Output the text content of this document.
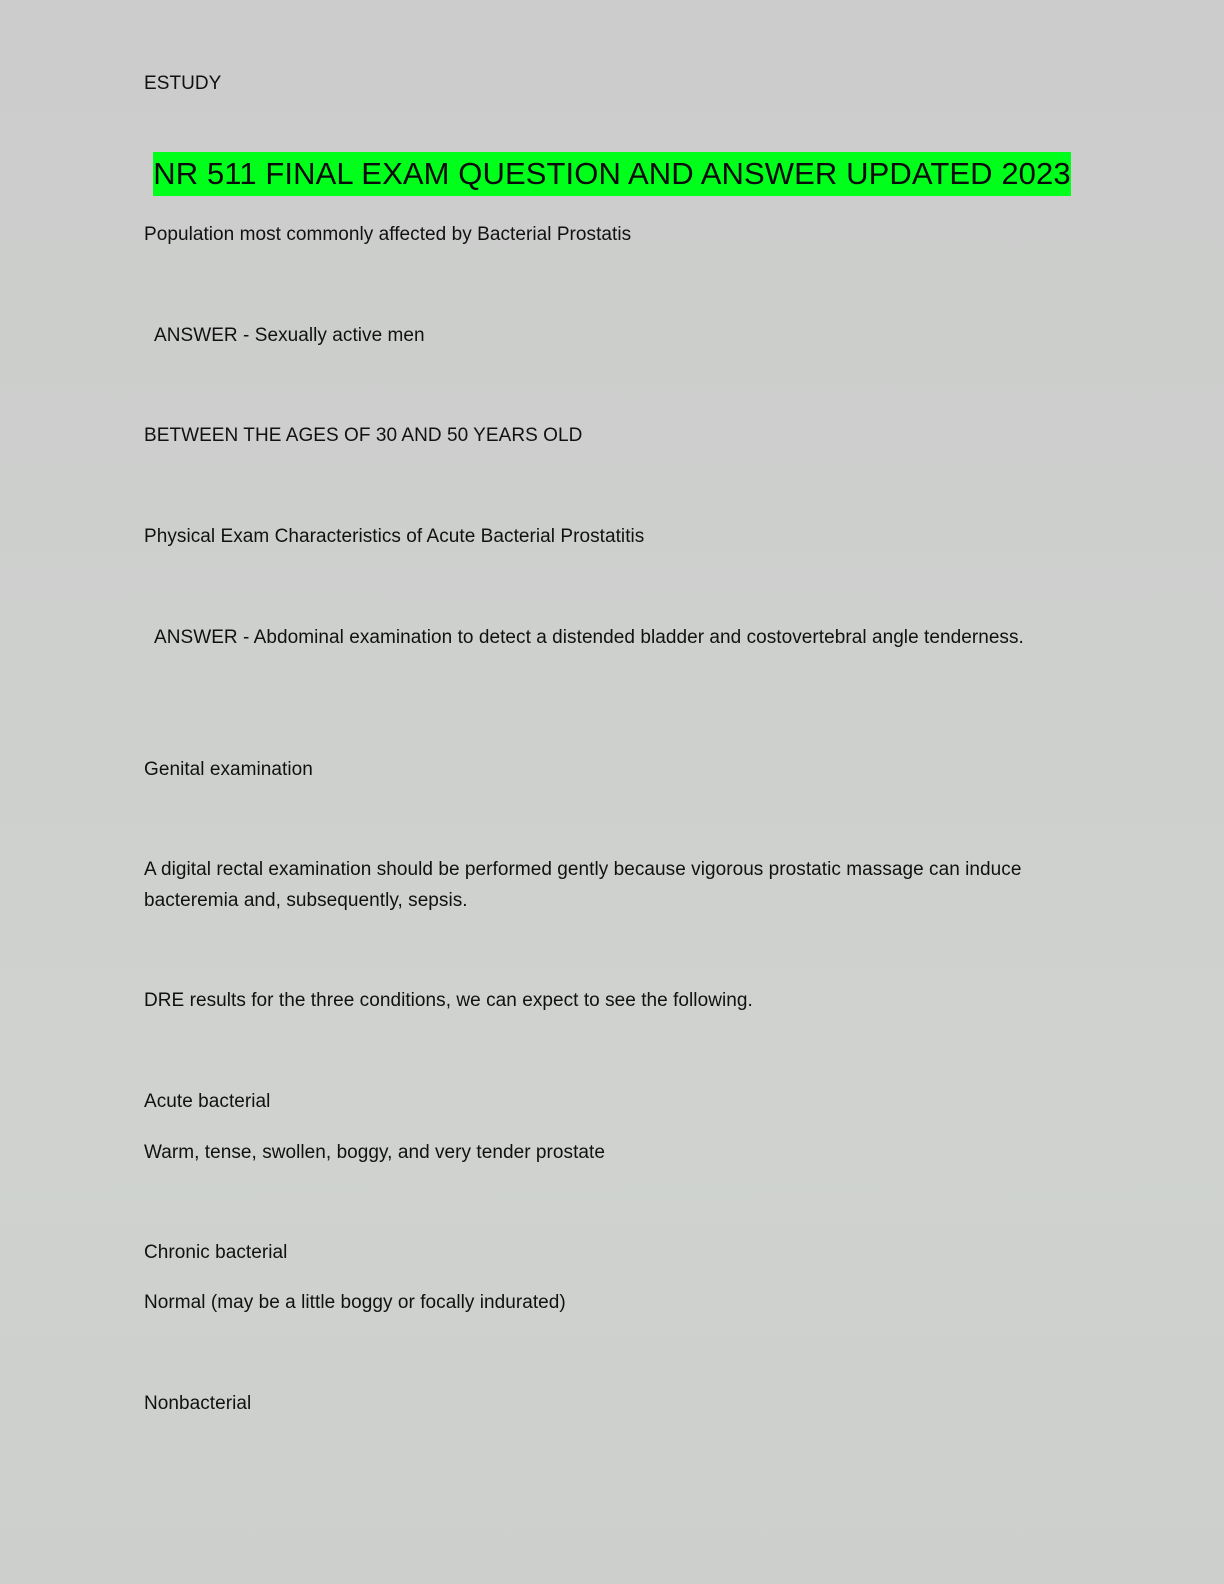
ESTUDY
NR 511 FINAL EXAM QUESTION AND ANSWER UPDATED 2023
Population most commonly affected by Bacterial Prostatis
ANSWER - Sexually active men
BETWEEN THE AGES OF 30 AND 50 YEARS OLD
Physical Exam Characteristics of Acute Bacterial Prostatitis
ANSWER - Abdominal examination to detect a distended bladder and costovertebral angle tenderness.
Genital examination
A digital rectal examination should be performed gently because vigorous prostatic massage can induce bacteremia and, subsequently, sepsis.
DRE results for the three conditions, we can expect to see the following.
Acute bacterial
Warm, tense, swollen, boggy, and very tender prostate
Chronic bacterial
Normal (may be a little boggy or focally indurated)
Nonbacterial
